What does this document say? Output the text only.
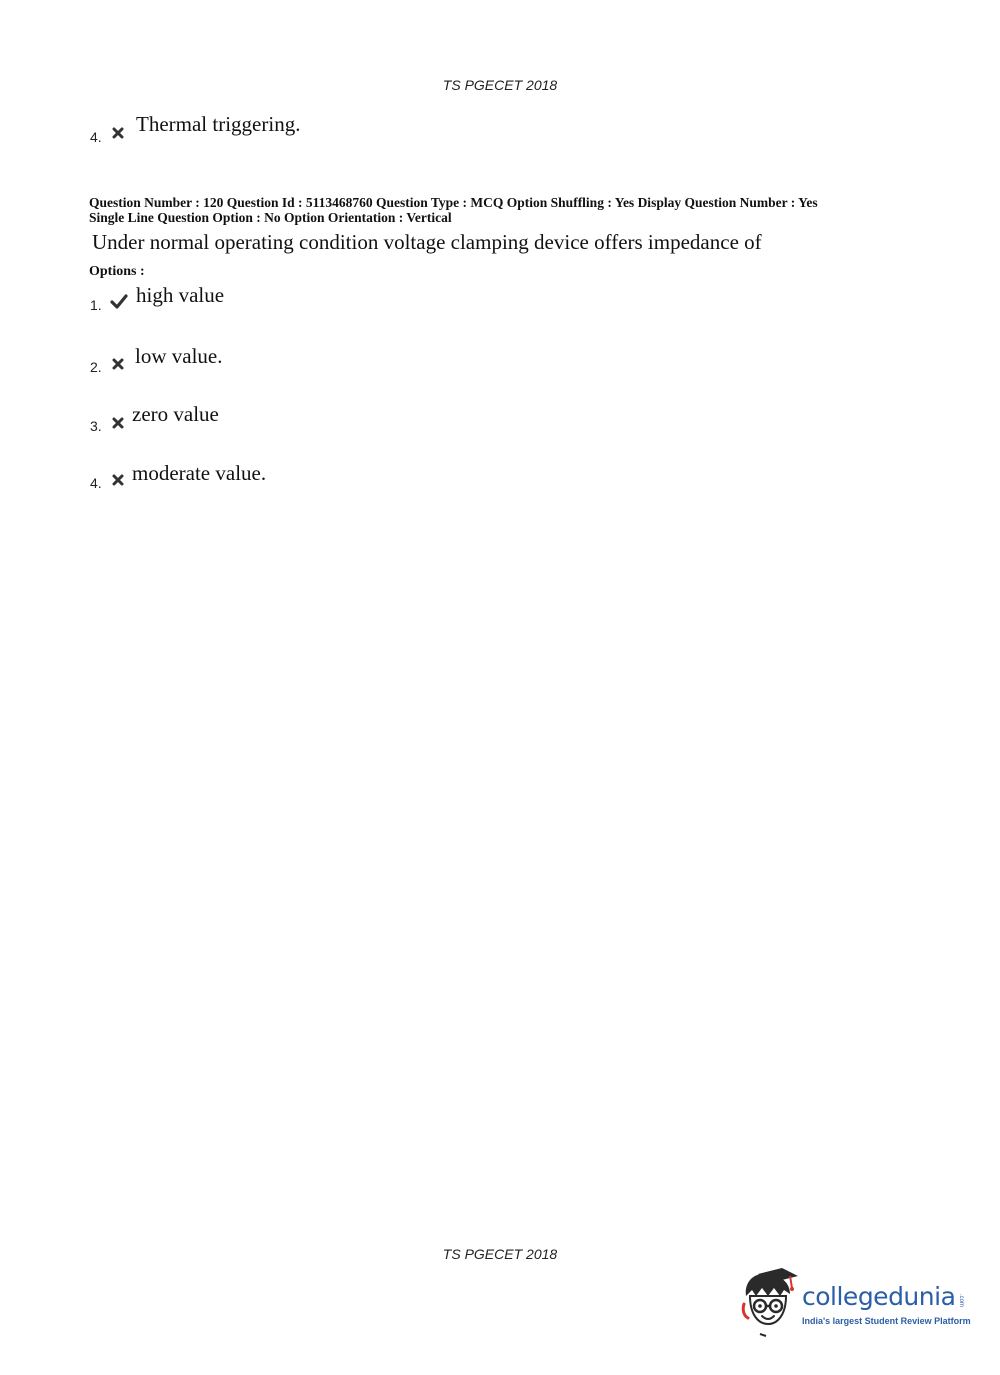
TS PGECET 2018
4.
Thermal triggering.
Question Number : 120 Question Id : 5113468760 Question Type : MCQ Option Shuffling : Yes Display Question Number : Yes
Single Line Question Option : No Option Orientation : Vertical
Under normal operating condition voltage clamping device offers impedance of
Options :
1. high value
2. low value.
3. zero value
4. moderate value.
TS PGECET 2018
collegedunia .com
India's largest Student Review Platform
